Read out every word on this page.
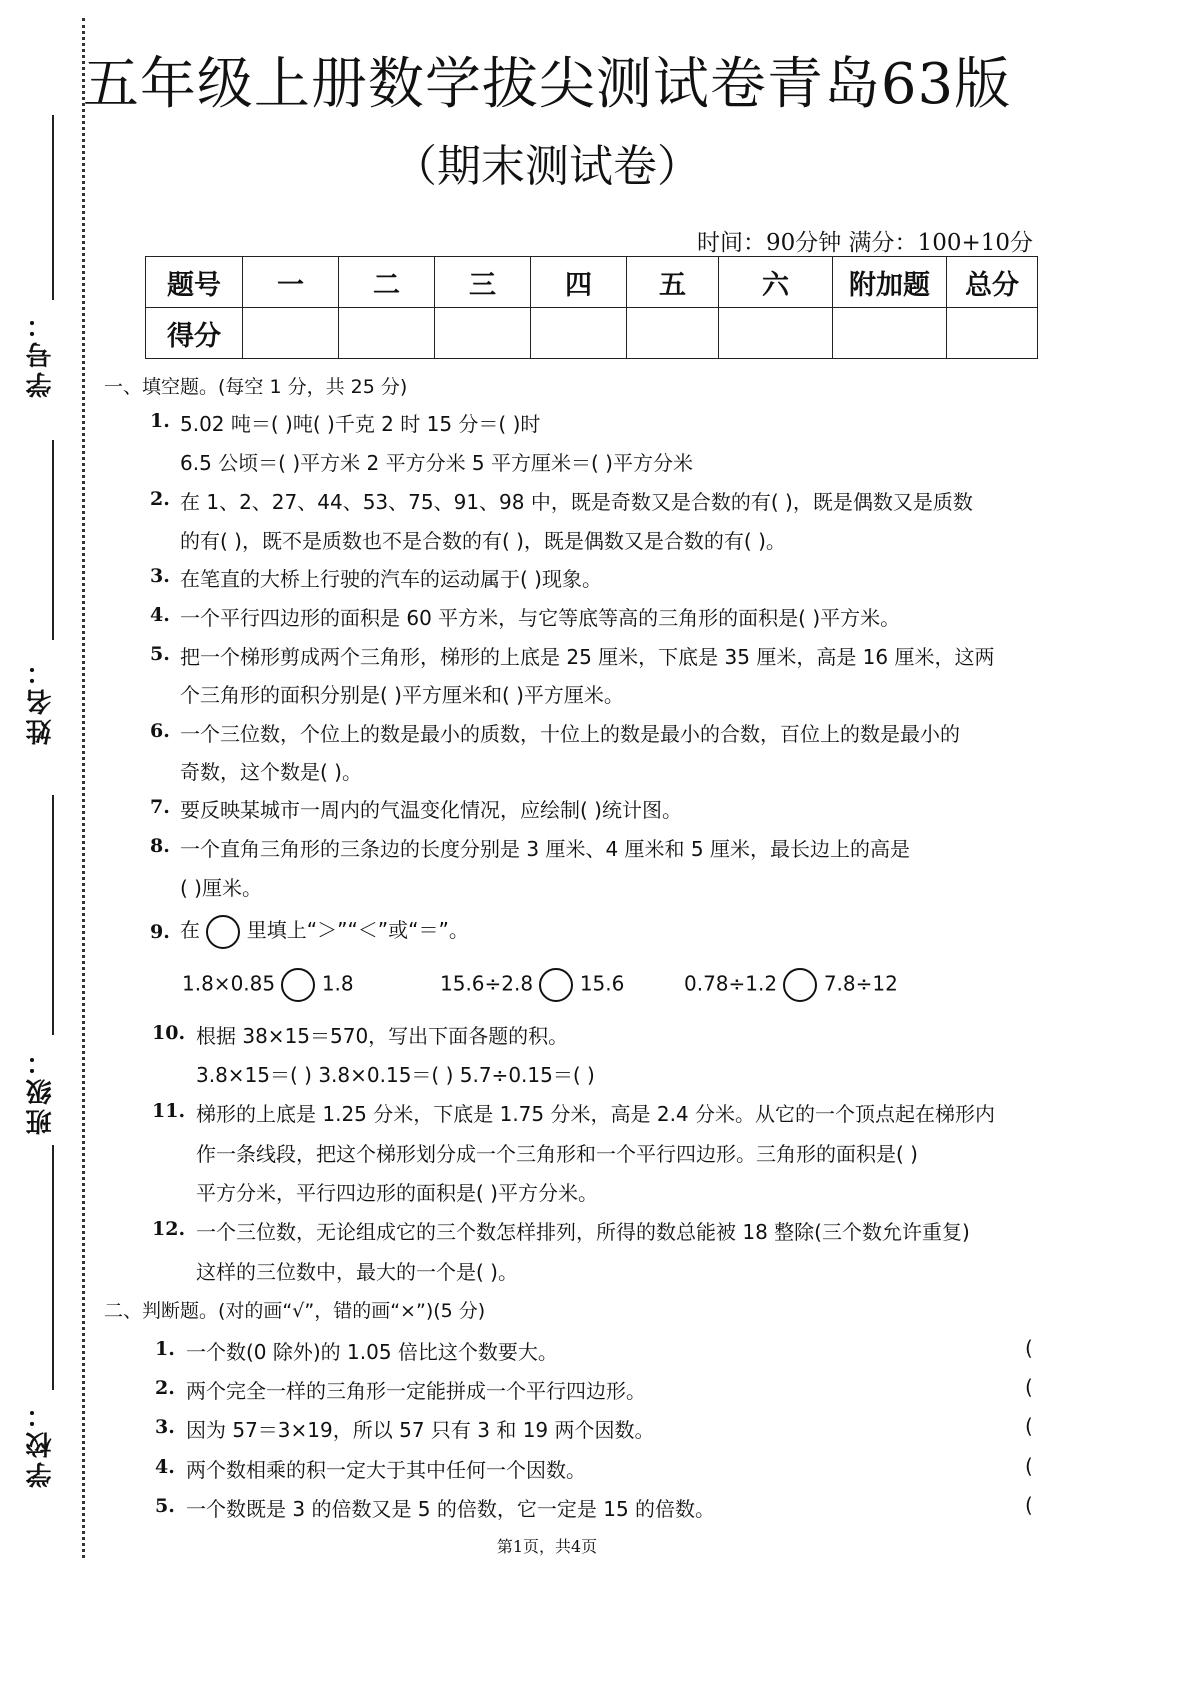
学号：
姓名：
班级：
学校：
五年级上册数学拔尖测试卷青岛63版
（期末测试卷）
时间：90分钟 满分：100+10分
题号	一	二	三	四	五	六	附加题	总分
得分								
一、填空题。(每空 1 分，共 25 分)
1. 5.02 吨＝( )吨( )千克 2 时 15 分＝( )时
6.5 公顷＝( )平方米 2 平方分米 5 平方厘米＝( )平方分米
2. 在 1、2、27、44、53、75、91、98 中，既是奇数又是合数的有( )，既是偶数又是质数
的有( )，既不是质数也不是合数的有( )，既是偶数又是合数的有( )。
3. 在笔直的大桥上行驶的汽车的运动属于( )现象。
4. 一个平行四边形的面积是 60 平方米，与它等底等高的三角形的面积是( )平方米。
5. 把一个梯形剪成两个三角形，梯形的上底是 25 厘米，下底是 35 厘米，高是 16 厘米，这两
个三角形的面积分别是( )平方厘米和( )平方厘米。
6. 一个三位数，个位上的数是最小的质数，十位上的数是最小的合数，百位上的数是最小的
奇数，这个数是( )。
7. 要反映某城市一周内的气温变化情况，应绘制( )统计图。
8. 一个直角三角形的三条边的长度分别是 3 厘米、4 厘米和 5 厘米，最长边上的高是
( )厘米。
9. 在 里填上“＞”“＜”或“＝”。
1.8×0.85 1.8	15.6÷2.8 15.6	0.78÷1.2 7.8÷12
10. 根据 38×15＝570，写出下面各题的积。
3.8×15＝( ) 3.8×0.15＝( ) 5.7÷0.15＝( )
11. 梯形的上底是 1.25 分米，下底是 1.75 分米，高是 2.4 分米。从它的一个顶点起在梯形内
作一条线段，把这个梯形划分成一个三角形和一个平行四边形。三角形的面积是( )
平方分米，平行四边形的面积是( )平方分米。
12. 一个三位数，无论组成它的三个数怎样排列，所得的数总能被 18 整除(三个数允许重复)
这样的三位数中，最大的一个是( )。
二、判断题。(对的画“√”，错的画“×”)(5 分)
1. 一个数(0 除外)的 1.05 倍比这个数要大。	(
2. 两个完全一样的三角形一定能拼成一个平行四边形。	(
3. 因为 57＝3×19，所以 57 只有 3 和 19 两个因数。	(
4. 两个数相乘的积一定大于其中任何一个因数。	(
5. 一个数既是 3 的倍数又是 5 的倍数，它一定是 15 的倍数。	(
第1页，共4页
